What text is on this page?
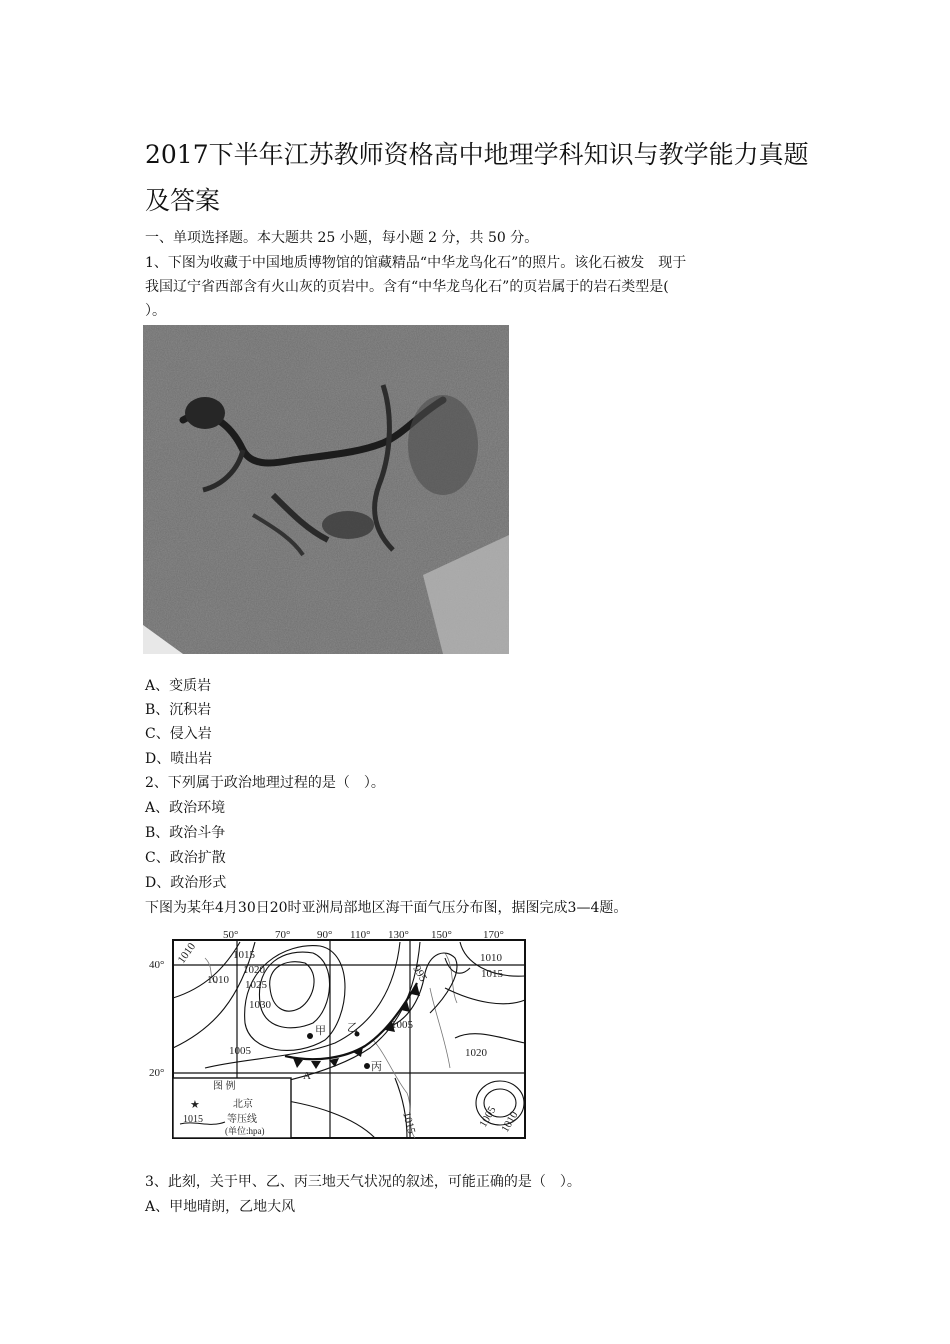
2017下半年江苏教师资格高中地理学科知识与教学能力真题及答案

一、单项选择题。本大题共 25 小题，每小题 2 分，共 50 分。

1、下图为收藏于中国地质博物馆的馆藏精品“中华龙鸟化石”的照片。该化石被发　现于

我国辽宁省西部含有火山灰的页岩中。含有“中华龙鸟化石”的页岩属于的岩石类型是(

）。

A、变质岩

B、沉积岩

C、侵入岩

D、喷出岩

2、下列属于政治地理过程的是（　）。

A、政治环境

B、政治斗争

C、政治扩散

D、政治形式

下图为某年4月30日20时亚洲局部地区海干面气压分布图，据图完成3—4题。

50°	70° 90° 110° 130° 150°	170°
40°
20°
1010	1015
1020
1025
1030
1010
1005
995
1005
1010
1015
1020
1015	1005 1010
甲 乙
丙
A
图 例
★	北京
1015 等压线
(单位:hpa)

3、此刻，关于甲、乙、丙三地天气状况的叙述，可能正确的是（　）。

A、甲地晴朗，乙地大风
